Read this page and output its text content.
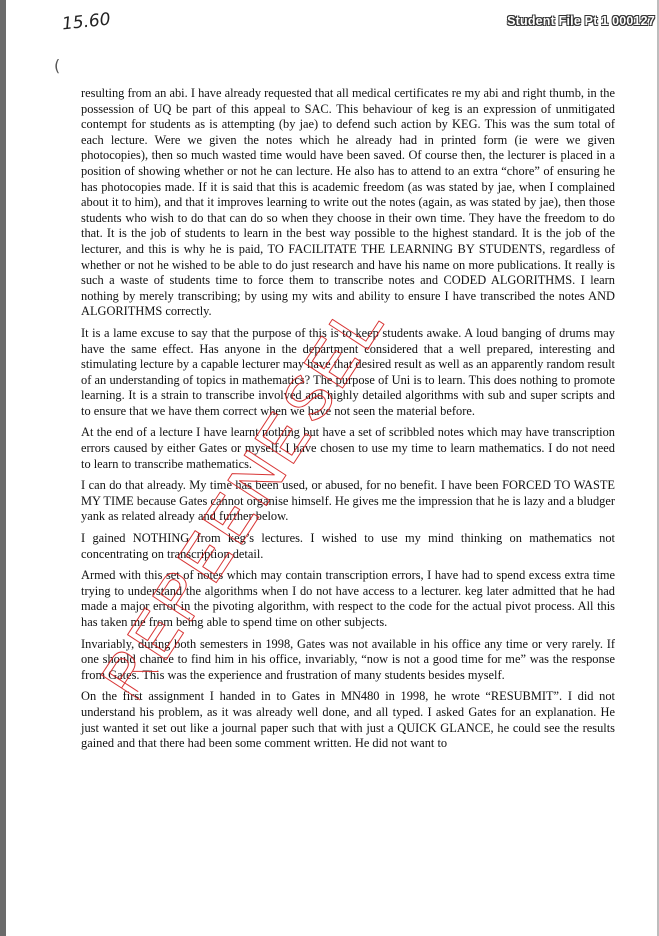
15.60
(
Student File Pt 1 000127

resulting from an abi. I have already requested that all medical certificates re my abi and right thumb, in the possession of UQ be part of this appeal to SAC. This behaviour of keg is an expression of unmitigated contempt for students as is attempting (by jae) to defend such action by KEG. This was the sum total of each lecture. Were we given the notes which he already had in printed form (ie were we given photocopies), then so much wasted time would have been saved. Of course then, the lecturer is placed in a position of showing whether or not he can lecture. He also has to attend to an extra “chore” of ensuring he has photocopies made. If it is said that this is academic freedom (as was stated by jae, when I complained about it to him), and that it improves learning to write out the notes (again, as was stated by jae), then those students who wish to do that can do so when they choose in their own time. They have the freedom to do that. It is the job of students to learn in the best way possible to the highest standard. It is the job of the lecturer, and this is why he is paid, TO FACILITATE THE LEARNING BY STUDENTS, regardless of whether or not he wished to be able to do just research and have his name on more publications. It really is such a waste of students time to force them to transcribe notes and CODED ALGORITHMS. I learn nothing by merely transcribing; by using my wits and ability to ensure I have transcribed the notes AND ALGORITHMS correctly.

It is a lame excuse to say that the purpose of this is to keep students awake. A loud banging of drums may have the same effect. Has anyone in the department considered that a well prepared, interesting and stimulating lecture by a capable lecturer may have that desired result as well as an apparently random result of an understanding of topics in mathematics? The purpose of Uni is to learn. This does nothing to promote learning. It is a strain to transcribe involved and highly detailed algorithms with sub and super scripts and to ensure that we have them correct when we have not seen the material before.

At the end of a lecture I have learnt nothing but have a set of scribbled notes which may have transcription errors caused by either Gates or myself. I have chosen to use my time to learn mathematics. I do not need to learn to transcribe mathematics.

I can do that already. My time has been used, or abused, for no benefit. I have been FORCED TO WASTE MY TIME because Gates cannot organise himself. He gives me the impression that he is lazy and a bludger yank as related already and further below.

I gained NOTHING from keg’s lectures. I wished to use my mind thinking on mathematics not concentrating on transcription detail.

Armed with this set of notes which may contain transcription errors, I have had to spend excess extra time trying to understand the algorithms when I do not have access to a lecturer. keg later admitted that he had made a major error in the pivoting algorithm, with respect to the code for the actual pivot process. All this has taken me from being able to spend time on other subjects.

Invariably, during both semesters in 1998, Gates was not available in his office any time or very rarely. If one should chance to find him in his office, invariably, “now is not a good time for me” was the response from Gates. This was the experience and frustration of many students besides myself.

On the first assignment I handed in to Gates in MN480 in 1998, he wrote “RESUBMIT”. I did not understand his problem, as it was already well done, and all typed. I asked Gates for an explanation. He just wanted it set out like a journal paper such that with just a QUICK GLANCE, he could see the results gained and that there had been some comment written. He did not want to
